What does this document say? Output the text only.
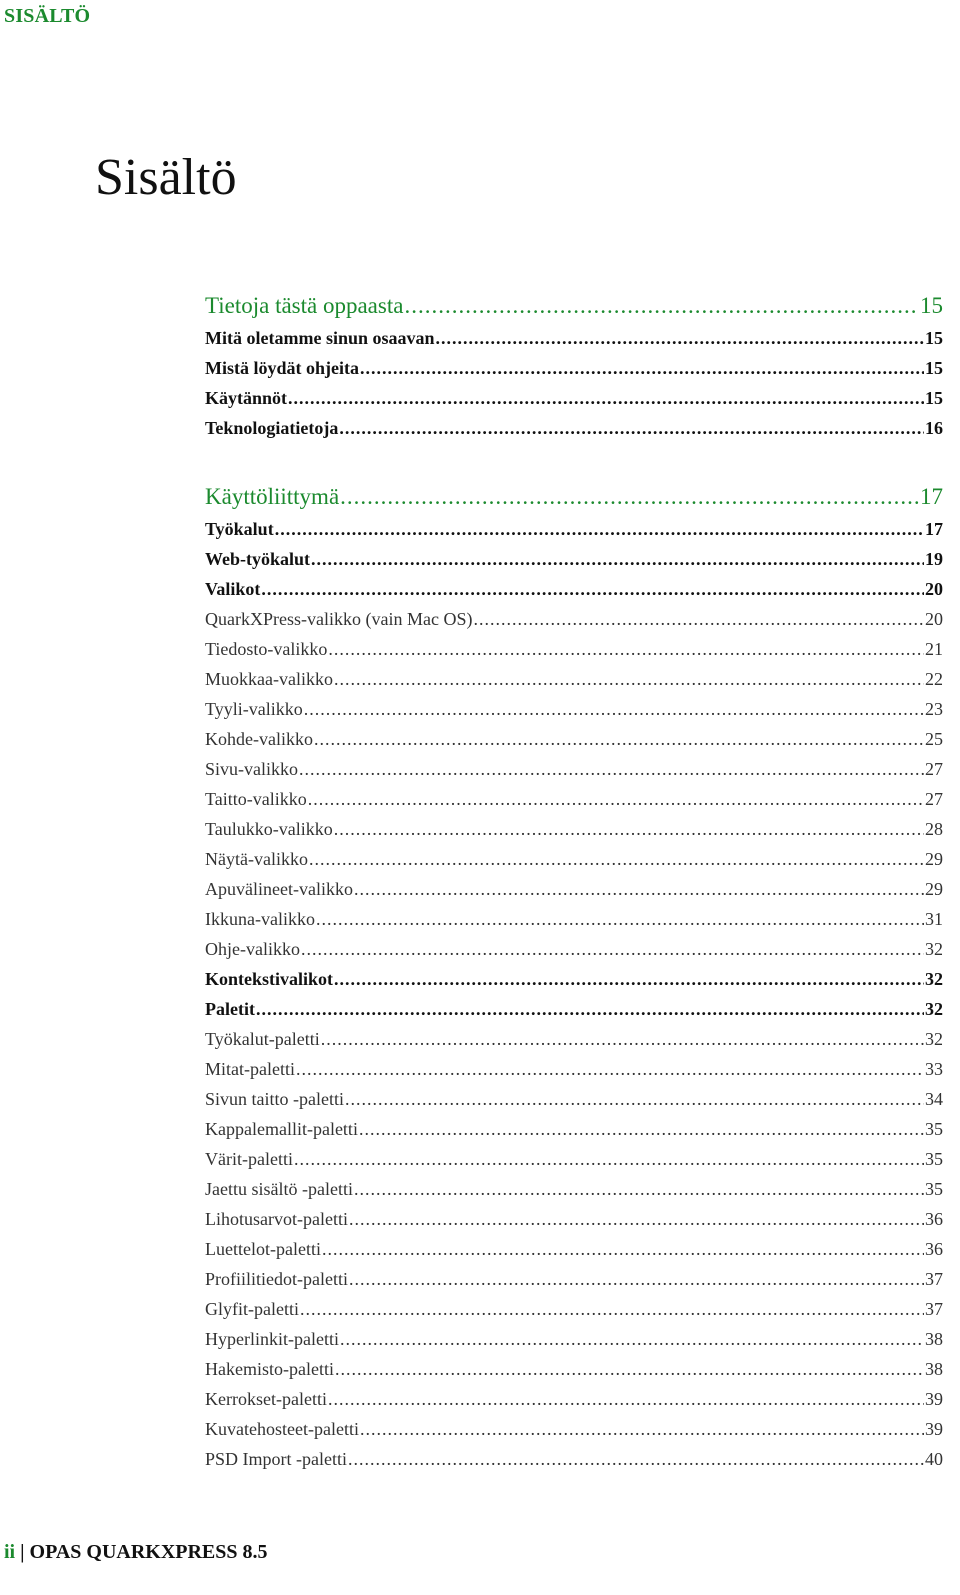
SISÄLTÖ
Sisältö
Tietoja tästä oppaasta .....	15
Mitä oletamme sinun osaavan .....	15
Mistä löydät ohjeita .....	15
Käytännöt .....	15
Teknologiatietoja .....	16
Käyttöliittymä .....	17
Työkalut .....	17
Web-työkalut .....	19
Valikot .....	20
QuarkXPress-valikko (vain Mac OS) .....	20
Tiedosto-valikko .....	21
Muokkaa-valikko .....	22
Tyyli-valikko .....	23
Kohde-valikko .....	25
Sivu-valikko .....	27
Taitto-valikko .....	27
Taulukko-valikko .....	28
Näytä-valikko .....	29
Apuvälineet-valikko .....	29
Ikkuna-valikko .....	31
Ohje-valikko .....	32
Kontekstivalikot .....	32
Paletit .....	32
Työkalut-paletti .....	32
Mitat-paletti .....	33
Sivun taitto -paletti .....	34
Kappalemallit-paletti .....	35
Värit-paletti .....	35
Jaettu sisältö -paletti .....	35
Lihotusarvot-paletti .....	36
Luettelot-paletti .....	36
Profiilitiedot-paletti .....	37
Glyfit-paletti .....	37
Hyperlinkit-paletti .....	38
Hakemisto-paletti .....	38
Kerrokset-paletti .....	39
Kuvatehosteet-paletti .....	39
PSD Import -paletti .....	40
ii | OPAS QUARKXPRESS 8.5
